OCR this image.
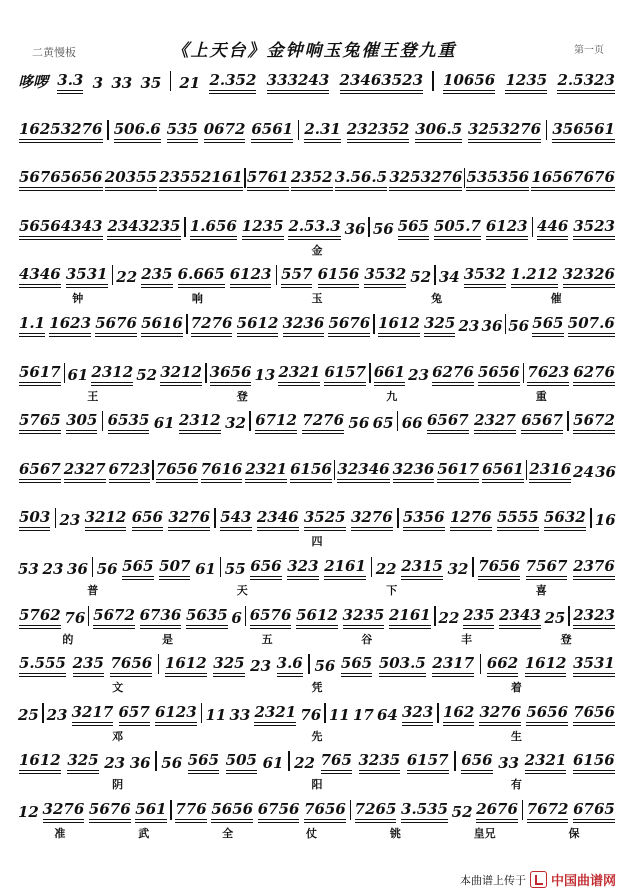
二黄慢板	《上天台》金钟响玉兔催王登九重	第一页
哆啰 3.3 3 33 35 21 2.352 333243 23463523 10656 1235 2.5323
16253276 506.6 535 0672 6561 2.31 232352 306.5 3253276 356561
56765656 20355 23552161 5761 2352 3.56.5 3253276 535356 16567676
56564343 2343235 1.656 1235 2.53.3 36 56 565 505.7 6123 446 3523
金
4346 3531 22 235 6.665 6123 557 6156 3532 52 34 3532 1.212 32326
钟	响	玉	兔	催
1.1 1623 5676 5616 7276 5612 3236 5676 1612 325 23 36 56 565 507.6
5617 61 2312 52 3212 3656 13 2321 6157 661 23 6276 5656 7623 6276
王	登	九	重
5765 305 6535 61 2312 32 6712 7276 56 65 66 6567 2327 6567 5672
6567 2327 6723 7656 7616 2321 6156 32346 3236 5617 6561 2316 24 36
503 23 3212 656 3276 543 2346 3525 3276 5356 1276 5555 5632 16
四
53 23 36 56 565 507 61 55 656 323 2161 22 2315 32 7656 7567 2376
普	天	下	喜
5762 76 5672 6736 5635 6 6576 5612 3235 2161 22 235 2343 25 2323
的	是	五	谷	丰	登
5.555 235 7656 1612 325 23 3.6 56 565 503.5 2317 662 1612 3531
文	凭	着
25 23 3217 657 6123 11 33 2321 76 11 17 64 323 162 3276 5656 7656
邓	先	生
1612 325 23 36 56 565 505 61 22 765 3235 6157 656 33 2321 6156
阴	阳	有
12 3276 5676 561 776 5656 6756 7656 7265 3.535 52 2676 7672 6765
准	武	全	仗	铫	皇兄	保
本曲谱上传于 中国曲谱网
